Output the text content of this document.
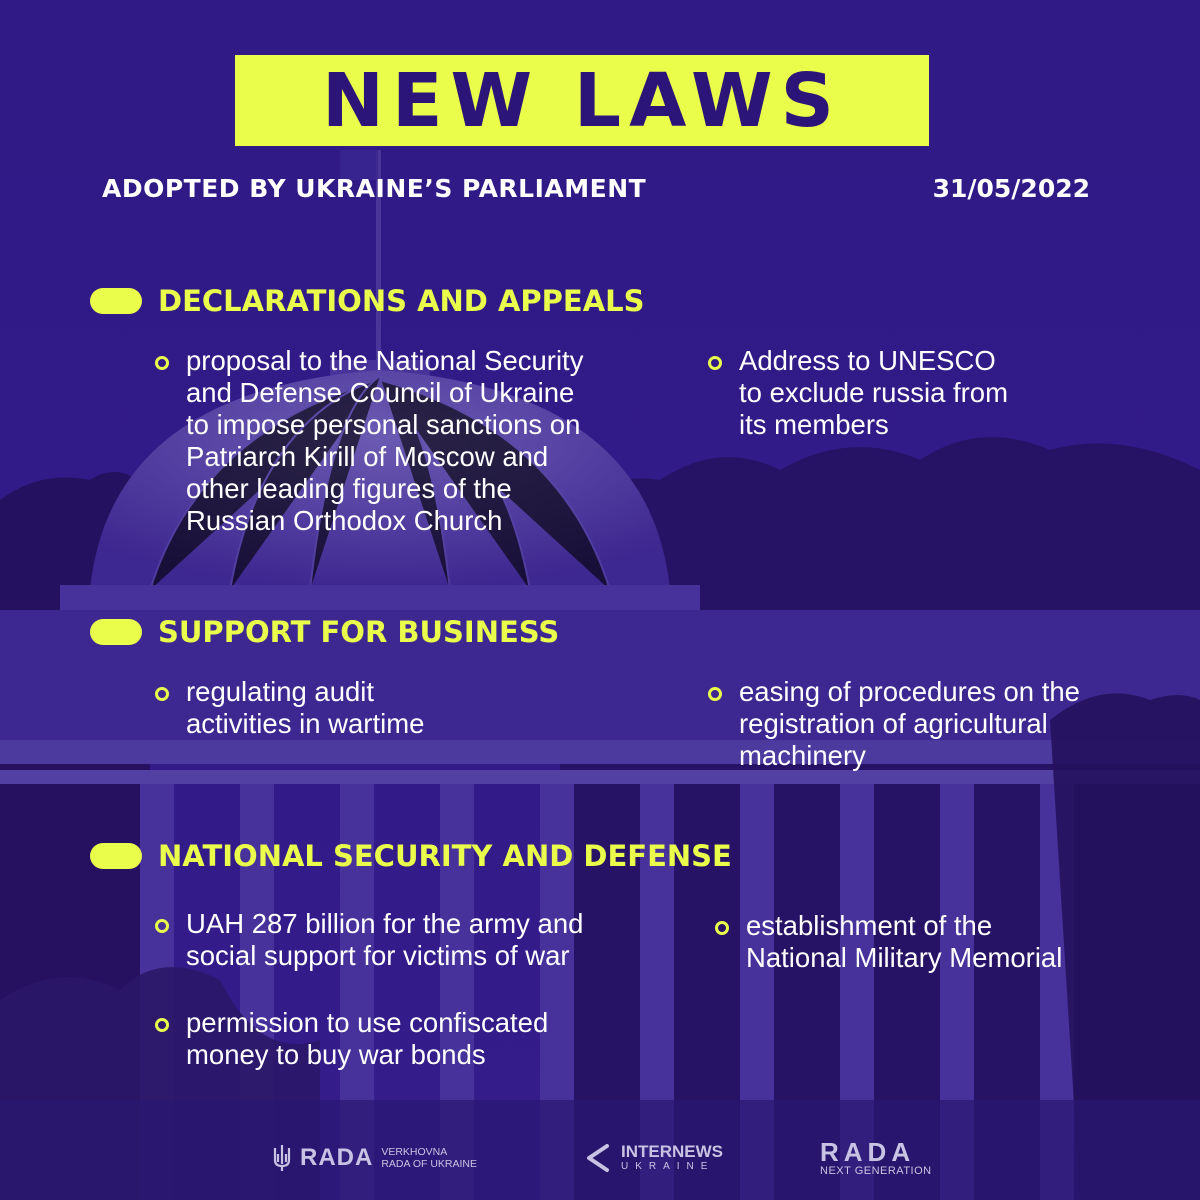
NEW LAWS
ADOPTED BY UKRAINE’S PARLIAMENT	31/05/2022
DECLARATIONS AND APPEALS
proposal to the National Security
and Defense Council of Ukraine
to impose personal sanctions on
Patriarch Kirill of Moscow and
other leading figures of the
Russian Orthodox Church
Address to UNESCO
to exclude russia from
its members
SUPPORT FOR BUSINESS
regulating audit
activities in wartime
easing of procedures on the
registration of agricultural
machinery
NATIONAL SECURITY AND DEFENSE
UAH 287 billion for the army and
social support for victims of war
establishment of the
National Military Memorial
permission to use confiscated
money to buy war bonds
RADA VERKHOVNA
RADA OF UKRAINE
INTERNEWS
UKRAINE	RADA
NEXT GENERATION
